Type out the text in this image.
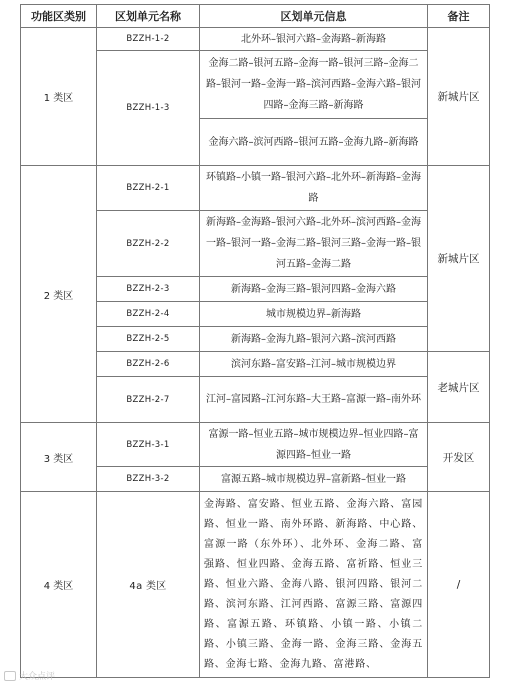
功能区类别	区划单元名称	区划单元信息	备注
1 类区	BZZH-1-2	北外环–银河六路–金海路–新海路	新城片区
	BZZH-1-3	金海二路–银河五路–金海一路–银河三路–金海二路–银河一路–金海一路–滨河西路–金海六路–银河四路–金海三路–新海路	
		金海六路–滨河西路–银河五路–金海九路–新海路	
2 类区	BZZH-2-1	环镇路–小镇一路–银河六路–北外环–新海路–金海路	新城片区
	BZZH-2-2	新海路–金海路–银河六路–北外环–滨河西路–金海一路–银河一路–金海二路–银河三路–金海一路–银河五路–金海二路	
	BZZH-2-3	新海路–金海三路–银河四路–金海六路	
	BZZH-2-4	城市规模边界–新海路	
	BZZH-2-5	新海路–金海九路–银河六路–滨河西路	
	BZZH-2-6	滨河东路–富安路–江河–城市规模边界	老城片区
	BZZH-2-7	江河–富园路–江河东路–大王路–富源一路–南外环	
3 类区	BZZH-3-1	富源一路–恒业五路–城市规模边界–恒业四路–富源四路–恒业一路	开发区
	BZZH-3-2	富源五路–城市规模边界–富新路–恒业一路	
4 类区	4a 类区	金海路、富安路、恒业五路、金海六路、富园路、恒业一路、南外环路、新海路、中心路、富源一路（东外环）、北外环、金海二路、富强路、恒业四路、金海五路、富祈路、恒业三路、恒业六路、金海八路、银河四路、银河二路、滨河东路、江河西路、富源三路、富源四路、富源五路、环镇路、小镇一路、小镇二路、小镇三路、金海一路、金海三路、金海五路、金海七路、金海九路、富港路、	/
大众点评
